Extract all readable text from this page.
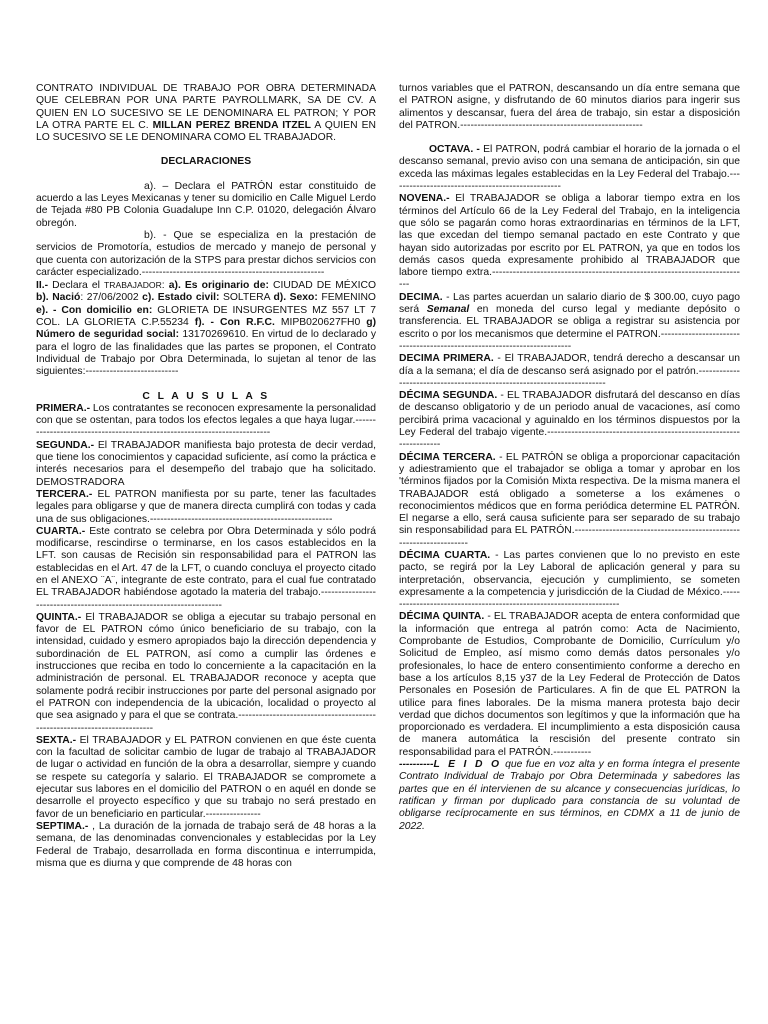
CONTRATO INDIVIDUAL DE TRABAJO POR OBRA DETERMINADA QUE CELEBRAN POR UNA PARTE PAYROLLMARK, SA DE CV. A QUIEN EN LO SUCESIVO SE LE DENOMINARA EL PATRON; Y POR LA OTRA PARTE EL C. MILLAN PEREZ BRENDA ITZEL A QUIEN EN LO SUCESIVO SE LE DENOMINARA COMO EL TRABAJADOR.

DECLARACIONES

a). – Declara el PATRÓN estar constituido de acuerdo a las Leyes Mexicanas y tener su domicilio en Calle Miguel Lerdo de Tejada #80 PB Colonia Guadalupe Inn C.P. 01020, delegación Álvaro obregón.

b). - Que se especializa en la prestación de servicios de Promotoría, estudios de mercado y manejo de personal y que cuenta con autorización de la STPS para prestar dichos servicios con carácter especializado.-----------------------------------------------------

II.- Declara el TRABAJADOR: a). Es originario de: CIUDAD DE MÉXICO b). Nació: 27/06/2002 c). Estado civil: SOLTERA d). Sexo: FEMENINO e). - Con domicilio en: GLORIETA DE INSURGENTES MZ 557 LT 7 COL. LA GLORIETA C.P.55234 f). - Con R.F.C. MIPB020627FH0 g) Número de seguridad social: 13170269610. En virtud de lo declarado y para el logro de las finalidades que las partes se proponen, el Contrato Individual de Trabajo por Obra Determinada, lo sujetan al tenor de las siguientes:---------------------------

C L A U S U L A S

PRIMERA.- Los contratantes se reconocen expresamente la personalidad con que se ostentan, para todos los efectos legales a que haya lugar.--------------------------------------------------------------------------

SEGUNDA.- El TRABAJADOR manifiesta bajo protesta de decir verdad, que tiene los conocimientos y capacidad suficiente, así como la práctica e interés necesarios para el desempeño del trabajo que ha solicitado. DEMOSTRADORA

TERCERA.- EL PATRON manifiesta por su parte, tener las facultades legales para obligarse y que de manera directa cumplirá con todas y cada una de sus obligaciones.-----------------------------------------------------

CUARTA.- Este contrato se celebra por Obra Determinada y sólo podrá modificarse, rescindirse o terminarse, en los casos establecidos en la LFT. son causas de Recisión sin responsabilidad para el PATRON las establecidas en el Art. 47 de la LFT, o cuando concluya el proyecto citado en el ANEXO ¨A¨, integrante de este contrato, para el cual fue contratado EL TRABAJADOR habiéndose agotado la materia del trabajo.----------------------------------------------------------------------

QUINTA.- El TRABAJADOR se obliga a ejecutar su trabajo personal en favor de EL PATRON cómo único beneficiario de su trabajo, con la intensidad, cuidado y esmero apropiados bajo la dirección dependencia y subordinación de EL PATRON, así como a cumplir las órdenes e instrucciones que reciba en todo lo concerniente a la capacitación en la administración de personal. EL TRABAJADOR reconoce y acepta que solamente podrá recibir instrucciones por parte del personal asignado por el PATRON con independencia de la ubicación, localidad o proyecto al que sea asignado y para el que se contrata.--------------------------------------------------------------------------

SEXTA.- El TRABAJADOR y EL PATRON convienen en que éste cuenta con la facultad de solicitar cambio de lugar de trabajo al TRABAJADOR de lugar o actividad en función de la obra a desarrollar, siempre y cuando se respete su categoría y salario. El TRABAJADOR se compromete a ejecutar sus labores en el domicilio del PATRON o en aquél en donde se desarrolle el proyecto específico y que su trabajo no será prestado en favor de un beneficiario en particular.----------------

SEPTIMA.- , La duración de la jornada de trabajo será de 48 horas a la semana, de las denominadas convencionales y establecidas por la Ley Federal de Trabajo, desarrollada en forma discontinua e interrumpida, misma que es diurna y que comprende de 48 horas con

turnos variables que el PATRON, descansando un día entre semana que el PATRON asigne, y disfrutando de 60 minutos diarios para ingerir sus alimentos y descansar, fuera del área de trabajo, sin estar a disposición del PATRON.-----------------------------------------------------

OCTAVA. - El PATRON, podrá cambiar el horario de la jornada o el descanso semanal, previo aviso con una semana de anticipación, sin que exceda las máximas legales establecidas en la Ley Federal del Trabajo.--------------------------------------------------

NOVENA.- El TRABAJADOR se obliga a laborar tiempo extra en los términos del Artículo 66 de la Ley Federal del Trabajo, en la inteligencia que sólo se pagarán como horas extraordinarias en términos de la LFT, las que excedan del tiempo semanal pactado en este Contrato y que hayan sido autorizadas por escrito por EL PATRON, ya que en todos los demás casos queda expresamente prohibido al TRABAJADOR que labore tiempo extra.---------------------------------------------------------------------------

DECIMA. - Las partes acuerdan un salario diario de $ 300.00, cuyo pago será Semanal en moneda del curso legal y mediante depósito o transferencia. EL TRABAJADOR se obliga a registrar su asistencia por escrito o por los mecanismos que determine el PATRON.-------------------------------------------------------------------------

DECIMA PRIMERA. - El TRABAJADOR, tendrá derecho a descansar un día a la semana; el día de descanso será asignado por el patrón.------------------------------------------------------------------------

DÉCIMA SEGUNDA. - EL TRABAJADOR disfrutará del descanso en días de descanso obligatorio y de un periodo anual de vacaciones, así como percibirá prima vacacional y aguinaldo en los términos dispuestos por la Ley Federal del trabajo vigente.--------------------------------------------------------------------

DÉCIMA TERCERA. - EL PATRÓN se obliga a proporcionar capacitación y adiestramiento que el trabajador se obliga a tomar y aprobar en los 'términos fijados por la Comisión Mixta respectiva. De la misma manera el TRABAJADOR está obligado a someterse a los exámenes o reconocimientos médicos que en forma periódica determine EL PATRÓN. El negarse a ello, será causa suficiente para ser separado de su trabajo sin responsabilidad para EL PATRÓN.--------------------------------------------------------------------

DÉCIMA CUARTA. - Las partes convienen que lo no previsto en este pacto, se regirá por la Ley Laboral de aplicación general y para su interpretación, observancia, ejecución y cumplimiento, se someten expresamente a la competencia y jurisdicción de la Ciudad de México.---------------------------------------------------------------------

DÉCIMA QUINTA. - EL TRABAJADOR acepta de entera conformidad que la información que entrega al patrón como: Acta de Nacimiento, Comprobante de Estudios, Comprobante de Domicilio, Currículum y/o Solicitud de Empleo, así mismo como demás datos personales y/o profesionales, lo hace de entero consentimiento conforme a derecho en base a los artículos 8,15 y37 de la Ley Federal de Protección de Datos Personales en Posesión de Particulares. A fin de que EL PATRON la utilice para fines laborales. De la misma manera protesta bajo decir verdad que dichos documentos son legítimos y que la información que ha proporcionado es verdadera. El incumplimiento a esta disposición causa de manera automática la rescisión del presente contrato sin responsabilidad para el PATRÓN.-----------

----------L E I D O que fue en voz alta y en forma íntegra el presente Contrato Individual de Trabajo por Obra Determinada y sabedores las partes que en él intervienen de su alcance y consecuencias jurídicas, lo ratifican y firman por duplicado para constancia de su voluntad de obligarse recíprocamente en sus términos, en CDMX a 11 de junio de 2022.
